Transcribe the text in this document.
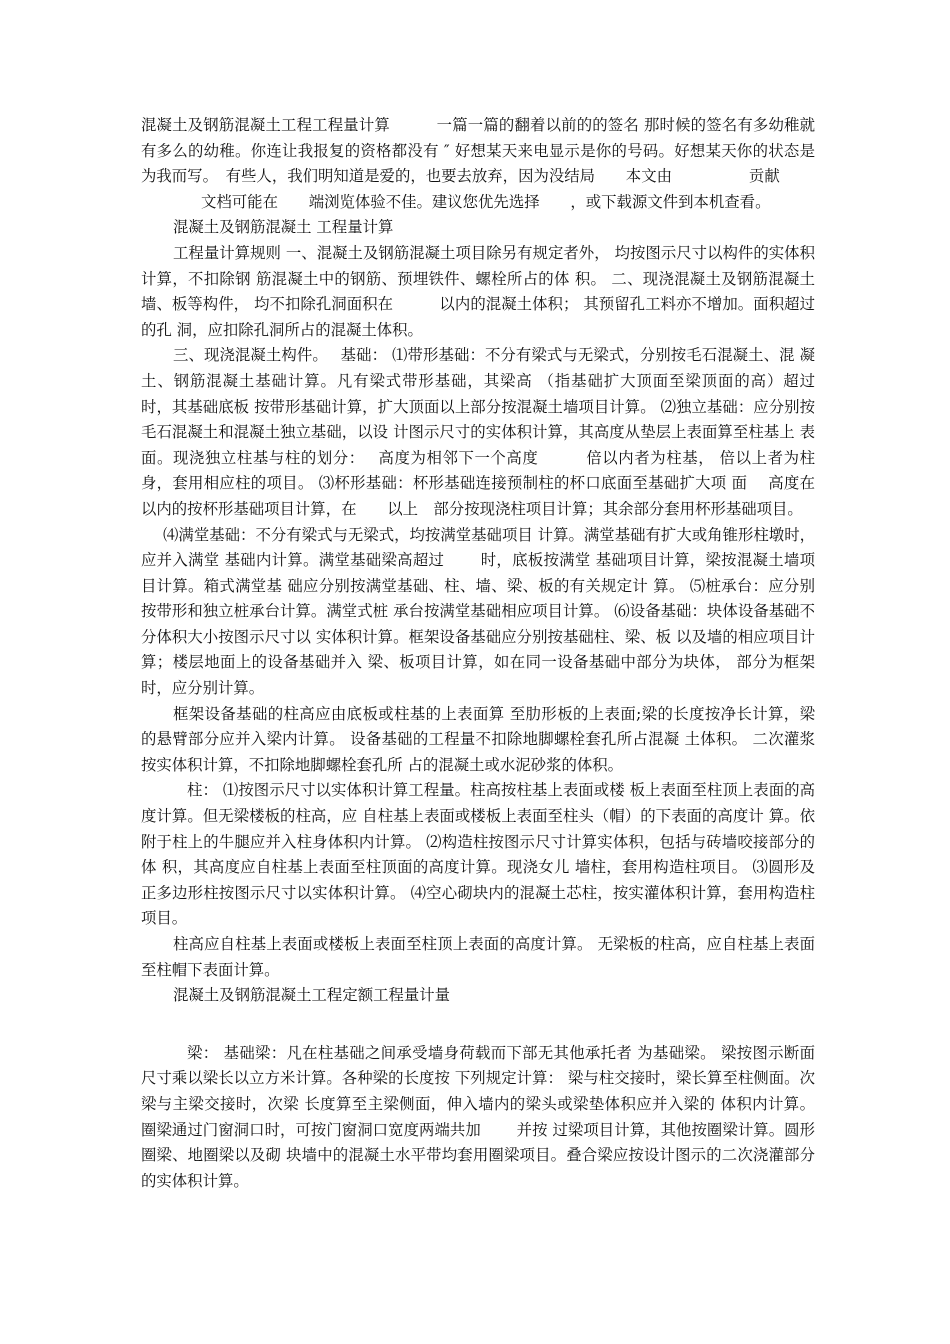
混凝土及钢筋混凝土工程工程量计算　　　一篇一篇的翻着以前的的签名 那时候的签名有多幼稚就有多么的幼稚。你连让我报复的资格都没有 ″ 好想某天来电显示是你的号码。好想某天你的状态是为我而写。　有些人，我们明知道是爱的，也要去放弃，因为没结局　　本文由　　　　　贡献

文档可能在　　端浏览体验不佳。建议您优先选择　　，或下载源文件到本机查看。

混凝土及钢筋混凝土 工程量计算

工程量计算规则 一、混凝土及钢筋混凝土项目除另有规定者外， 均按图示尺寸以构件的实体积计算，不扣除钢 筋混凝土中的钢筋、预埋铁件、螺栓所占的体 积。 二、现浇混凝土及钢筋混凝土墙、板等构件， 均不扣除孔洞面积在　　　以内的混凝土体积； 其预留孔工料亦不增加。面积超过　　　的孔 洞，应扣除孔洞所占的混凝土体积。

三、现浇混凝土构件。　 基础： ⑴带形基础：不分有梁式与无梁式，分别按毛石混凝土、混 凝土、钢筋混凝土基础计算。凡有梁式带形基础，其梁高 （指基础扩大顶面至梁顶面的高）超过　　 时，其基础底板 按带形基础计算，扩大顶面以上部分按混凝土墙项目计算。 ⑵独立基础：应分别按毛石混凝土和混凝土独立基础，以设 计图示尺寸的实体积计算，其高度从垫层上表面算至柱基上 表面。现浇独立柱基与柱的划分：　 高度为相邻下一个高度　　　倍以内者为柱基， 倍以上者为柱身，套用相应柱的项目。 ⑶杯形基础：杯形基础连接预制柱的杯口底面至基础扩大项 面　 高度在　　　 以内的按杯形基础项目计算，在　　以上　部分按现浇柱项目计算；其余部分套用杯形基础项目。

⑷满堂基础：不分有梁式与无梁式，均按满堂基础项目 计算。满堂基础有扩大或角锥形柱墩时，应并入满堂 基础内计算。满堂基础梁高超过　　 时，底板按满堂 基础项目计算，梁按混凝土墙项目计算。箱式满堂基 础应分别按满堂基础、柱、墙、梁、板的有关规定计 算。 ⑸桩承台：应分别按带形和独立桩承台计算。满堂式桩 承台按满堂基础相应项目计算。 ⑹设备基础：块体设备基础不分体积大小按图示尺寸以 实体积计算。框架设备基础应分别按基础柱、梁、板 以及墙的相应项目计算；楼层地面上的设备基础并入 梁、板项目计算，如在同一设备基础中部分为块体， 部分为框架时，应分别计算。

框架设备基础的柱高应由底板或柱基的上表面算 至肋形板的上表面;梁的长度按净长计算，梁 的悬臂部分应并入梁内计算。 设备基础的工程量不扣除地脚螺栓套孔所占混凝 土体积。 二次灌浆按实体积计算，不扣除地脚螺栓套孔所 占的混凝土或水泥砂浆的体积。

柱： ⑴按图示尺寸以实体积计算工程量。柱高按柱基上表面或楼 板上表面至柱顶上表面的高度计算。但无梁楼板的柱高，应 自柱基上表面或楼板上表面至柱头（帽）的下表面的高度计 算。依附于柱上的牛腿应并入柱身体积内计算。 ⑵构造柱按图示尺寸计算实体积，包括与砖墙咬接部分的体 积，其高度应自柱基上表面至柱顶面的高度计算。现浇女儿 墙柱，套用构造柱项目。 ⑶圆形及正多边形柱按图示尺寸以实体积计算。 ⑷空心砌块内的混凝土芯柱，按实灌体积计算，套用构造柱 项目。

柱高应自柱基上表面或楼板上表面至柱顶上表面的高度计算。 无梁板的柱高，应自柱基上表面至柱帽下表面计算。

混凝土及钢筋混凝土工程定额工程量计量

梁： 基础梁：凡在柱基础之间承受墙身荷载而下部无其他承托者 为基础梁。 梁按图示断面尺寸乘以梁长以立方米计算。各种梁的长度按 下列规定计算： 梁与柱交接时，梁长算至柱侧面。次梁与主梁交接时，次梁 长度算至主梁侧面，伸入墙内的梁头或梁垫体积应并入梁的 体积内计算。 圈梁通过门窗洞口时，可按门窗洞口宽度两端共加　　 并按 过梁项目计算，其他按圈梁计算。圆形圈梁、地圈梁以及砌 块墙中的混凝土水平带均套用圈梁项目。叠合梁应按设计图示的二次浇灌部分的实体积计算。
